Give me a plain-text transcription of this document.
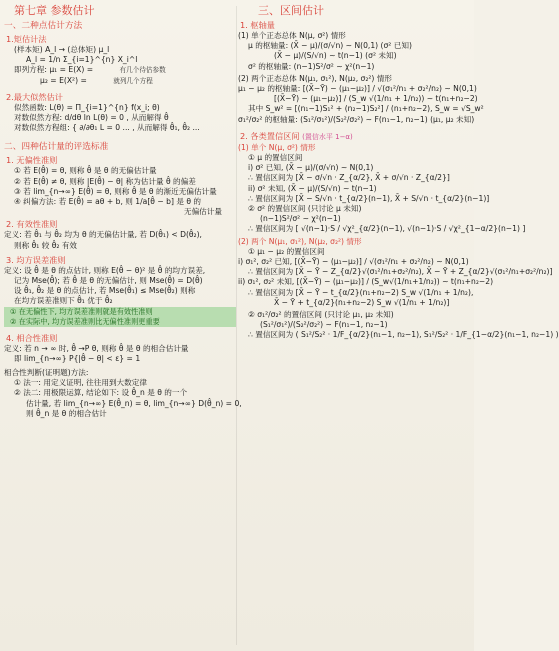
第七章 参数估计
一、二种点估计方法
1.矩估计法
(样本矩) A_l → (总体矩) μ_l
A_l = 1/n Σ_{i=1}^{n} X_i^l
即列方程: μ₁ = E(X) =	有几个待估参数
μ₂ = E(X²) =	就列几个方程
2.最大似然估计
似然函数: L(θ) = Π_{i=1}^{n} f(x_i; θ)
对数似然方程: d/dθ ln L(θ) = 0 , 从而解得 θ̂
对数似然方程组: { ∂/∂θ₁ L = 0 ... , 从而解得 θ̂₁, θ̂₂ ...
二、四种估计量的评选标准
1. 无偏性准则
① 若 E(θ̂) = θ, 则称 θ̂ 是 θ 的无偏估计量
② 若 E(θ̂) ≠ θ, 则称 |E(θ̂) − θ| 称为估计量 θ̂ 的偏差
③ 若 lim_{n→∞} E(θ̂) = θ, 则称 θ̂ 是 θ 的渐近无偏估计量
④ 纠偏方法: 若 E(θ̂) = aθ + b, 则 1/a[θ̂ − b] 是 θ 的
无偏估计量
2. 有效性准则
定义: 若 θ̂₁ 与 θ̂₂ 均为 θ 的无偏估计量, 若 D(θ̂₁) < D(θ̂₂),
则称 θ̂₁ 较 θ̂₂ 有效
3. 均方误差准则
定义: 设 θ̂ 是 θ 的点估计, 则称 E(θ̂ − θ)² 是 θ̂ 的均方误差,
记为 Mse(θ̂); 若 θ̂ 是 θ 的无偏估计, 则 Mse(θ̂) = D(θ̂)
设 θ̂₁, θ̂₂ 是 θ 的点估计, 若 Mse(θ̂₁) ≤ Mse(θ̂₂) 则称
在均方误差准则下 θ̂₁ 优于 θ̂₂
① 在无偏性下, 均方误差准则就是有效性准则
② 在实际中, 均方误差准则比无偏性准则更重要
4. 相合性准则
定义: 若 n → ∞ 时, θ̂ →P θ, 则称 θ̂ 是 θ 的相合估计量
即 lim_{n→∞} P{|θ̂ − θ| < ε} = 1
相合性判断(证明题)方法:
① 法一: 用定义证明, 往往用到大数定律
② 法二: 用极限运算, 结论如下: 设 θ̂_n 是 θ 的一个
估计量, 若 lim_{n→∞} E(θ̂_n) = θ, lim_{n→∞} D(θ̂_n) = 0,
则 θ̂_n 是 θ 的相合估计
三、区间估计
1. 枢轴量
(1) 单个正态总体 N(μ, σ²) 情形
μ 的枢轴量: (X̄ − μ)/(σ/√n) ~ N(0,1) (σ² 已知)
(X̄ − μ)/(S/√n) ~ t(n−1) (σ² 未知)
σ² 的枢轴量: (n−1)S²/σ² ~ χ²(n−1)
(2) 两个正态总体 N(μ₁, σ₁²), N(μ₂, σ₂²) 情形
μ₁ − μ₂ 的枢轴量: [(X̄−Ȳ) − (μ₁−μ₂)] / √(σ₁²/n₁ + σ₂²/n₂) ~ N(0,1)
[(X̄−Ȳ) − (μ₁−μ₂)] / (S_w √(1/n₁ + 1/n₂)) ~ t(n₁+n₂−2)
其中 S_w² = [(n₁−1)S₁² + (n₂−1)S₂²] / (n₁+n₂−2), S_w = √S_w²
σ₁²/σ₂² 的枢轴量: (S₁²/σ₁²)/(S₂²/σ₂²) ~ F(n₁−1, n₂−1) (μ₁, μ₂ 未知)
2. 各类置信区间 (置信水平 1−α)
(1) 单个 N(μ, σ²) 情形
① μ 的置信区间
i) σ² 已知, (X̄ − μ)/(σ/√n) ~ N(0,1)
∴ 置信区间为 [X̄ − σ/√n · Z_{α/2}, X̄ + σ/√n · Z_{α/2}]
ii) σ² 未知, (X̄ − μ)/(S/√n) ~ t(n−1)
∴ 置信区间为 [X̄ − S/√n · t_{α/2}(n−1), X̄ + S/√n · t_{α/2}(n−1)]
② σ² 的置信区间 (只讨论 μ 未知)
(n−1)S²/σ² ~ χ²(n−1)
∴ 置信区间为 [ √(n−1)·S / √χ²_{α/2}(n−1), √(n−1)·S / √χ²_{1−α/2}(n−1) ]
(2) 两个 N(μ₁, σ₁²), N(μ₂, σ₂²) 情形
① μ₁ − μ₂ 的置信区间
i) σ₁², σ₂² 已知, [(X̄−Ȳ) − (μ₁−μ₂)] / √(σ₁²/n₁ + σ₂²/n₂) ~ N(0,1)
∴ 置信区间为 [X̄ − Ȳ − Z_{α/2}√(σ₁²/n₁+σ₂²/n₂), X̄ − Ȳ + Z_{α/2}√(σ₁²/n₁+σ₂²/n₂)]
ii) σ₁², σ₂² 未知, [(X̄−Ȳ) − (μ₁−μ₂)] / (S_w√(1/n₁+1/n₂)) ~ t(n₁+n₂−2)
∴ 置信区间为 [X̄ − Ȳ − t_{α/2}(n₁+n₂−2) S_w √(1/n₁ + 1/n₂),
X̄ − Ȳ + t_{α/2}(n₁+n₂−2) S_w √(1/n₁ + 1/n₂)]
② σ₁²/σ₂² 的置信区间 (只讨论 μ₁, μ₂ 未知)
(S₁²/σ₁²)/(S₂²/σ₂²) ~ F(n₁−1, n₂−1)
∴ 置信区间为 ( S₁²/S₂² · 1/F_{α/2}(n₁−1, n₂−1), S₁²/S₂² · 1/F_{1−α/2}(n₁−1, n₂−1) )
